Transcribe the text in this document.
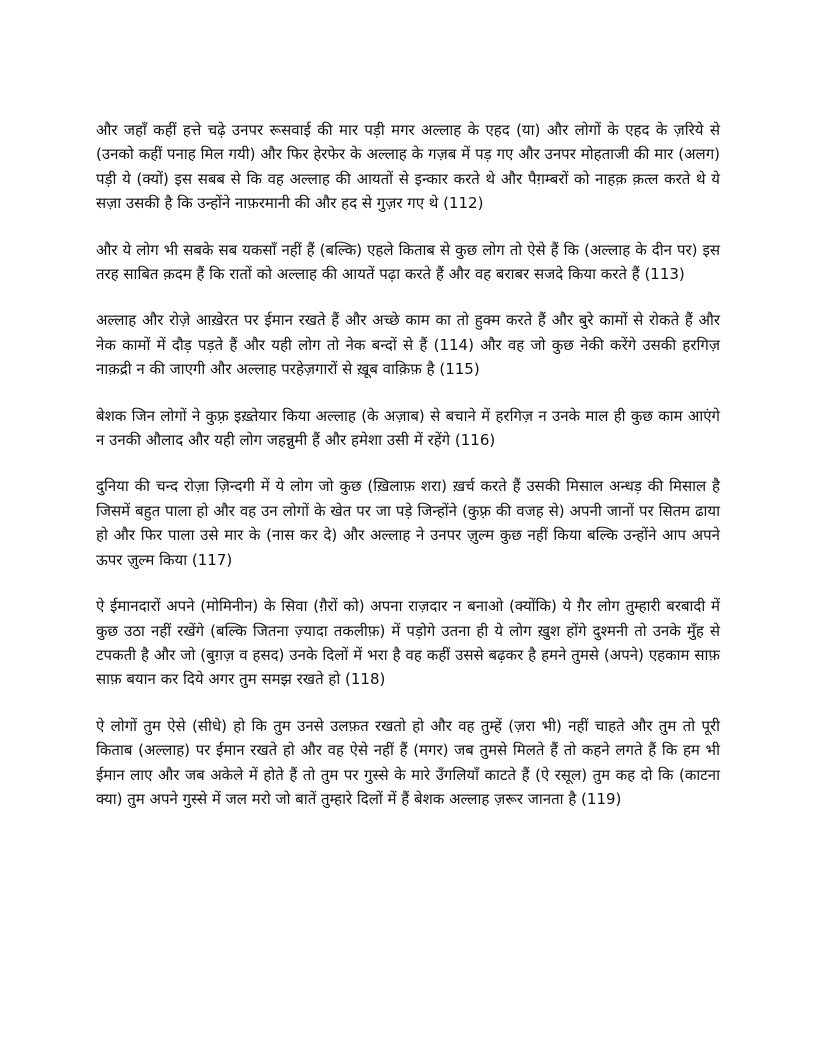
और जहाँ कहीं हत्ते चढ़े उनपर रूसवाई की मार पड़ी मगर अल्लाह के एहद (या) और लोगों के एहद के ज़रिये से (उनको कहीं पनाह मिल गयी) और फिर हेरफेर के अल्लाह के गज़ब में पड़ गए और उनपर मोहताजी की मार (अलग) पड़ी ये (क्यों) इस सबब से कि वह अल्लाह की आयतों से इन्कार करते थे और पैग़म्बरों को नाहक़ क़त्ल करते थे ये सज़ा उसकी है कि उन्होंने नाफ़रमानी की और हद से गुज़र गए थे (112)

और ये लोग भी सबके सब यकसाँ नहीं हैं (बल्कि) एहले किताब से कुछ लोग तो ऐसे हैं कि (अल्लाह के दीन पर) इस तरह साबित क़दम हैं कि रातों को अल्लाह की आयतें पढ़ा करते हैं और वह बराबर सजदे किया करते हैं (113)

अल्लाह और रोज़े आख़ेरत पर ईमान रखते हैं और अच्छे काम का तो हुक्म करते हैं और बुरे कामों से रोकते हैं और नेक कामों में दौड़ पड़ते हैं और यही लोग तो नेक बन्दों से हैं (114) और वह जो कुछ नेकी करेंगे उसकी हरगिज़ नाक़द्री न की जाएगी और अल्लाह परहेज़गारों से ख़ूब वाक़िफ़ है (115)

बेशक जिन लोगों ने कुफ़्र इख़्तेयार किया अल्लाह (के अज़ाब) से बचाने में हरगिज़ न उनके माल ही कुछ काम आएंगे न उनकी औलाद और यही लोग जहन्नुमी हैं और हमेशा उसी में रहेंगे (116)

दुनिया की चन्द रोज़ा ज़िन्दगी में ये लोग जो कुछ (ख़िलाफ़ शरा) ख़र्च करते हैं उसकी मिसाल अन्धड़ की मिसाल है जिसमें बहुत पाला हो और वह उन लोगों के खेत पर जा पड़े जिन्होंने (कुफ़्र की वजह से) अपनी जानों पर सितम ढाया हो और फिर पाला उसे मार के (नास कर दे) और अल्लाह ने उनपर ज़ुल्म कुछ नहीं किया बल्कि उन्होंने आप अपने ऊपर ज़ुल्म किया (117)

ऐ ईमानदारों अपने (मोमिनीन) के सिवा (ग़ैरों को) अपना राज़दार न बनाओ (क्योंकि) ये ग़ैर लोग तुम्हारी बरबादी में कुछ उठा नहीं रखेंगे (बल्कि जितना ज़्यादा तकलीफ़) में पड़ोगे उतना ही ये लोग ख़ुश होंगे दुश्मनी तो उनके मुँह से टपकती है और जो (बुग़ज़ व हसद) उनके दिलों में भरा है वह कहीं उससे बढ़कर है हमने तुमसे (अपने) एहकाम साफ़ साफ़ बयान कर दिये अगर तुम समझ रखते हो (118)

ऐ लोगों तुम ऐसे (सीधे) हो कि तुम उनसे उलफ़त रखतो हो और वह तुम्हें (ज़रा भी) नहीं चाहते और तुम तो पूरी किताब (अल्लाह) पर ईमान रखते हो और वह ऐसे नहीं हैं (मगर) जब तुमसे मिलते हैं तो कहने लगते हैं कि हम भी ईमान लाए और जब अकेले में होते हैं तो तुम पर गुस्से के मारे उँगलियाँ काटते हैं (ऐ रसूल) तुम कह दो कि (काटना क्या) तुम अपने गुस्से में जल मरो जो बातें तुम्हारे दिलों में हैं बेशक अल्लाह ज़रूर जानता है (119)
